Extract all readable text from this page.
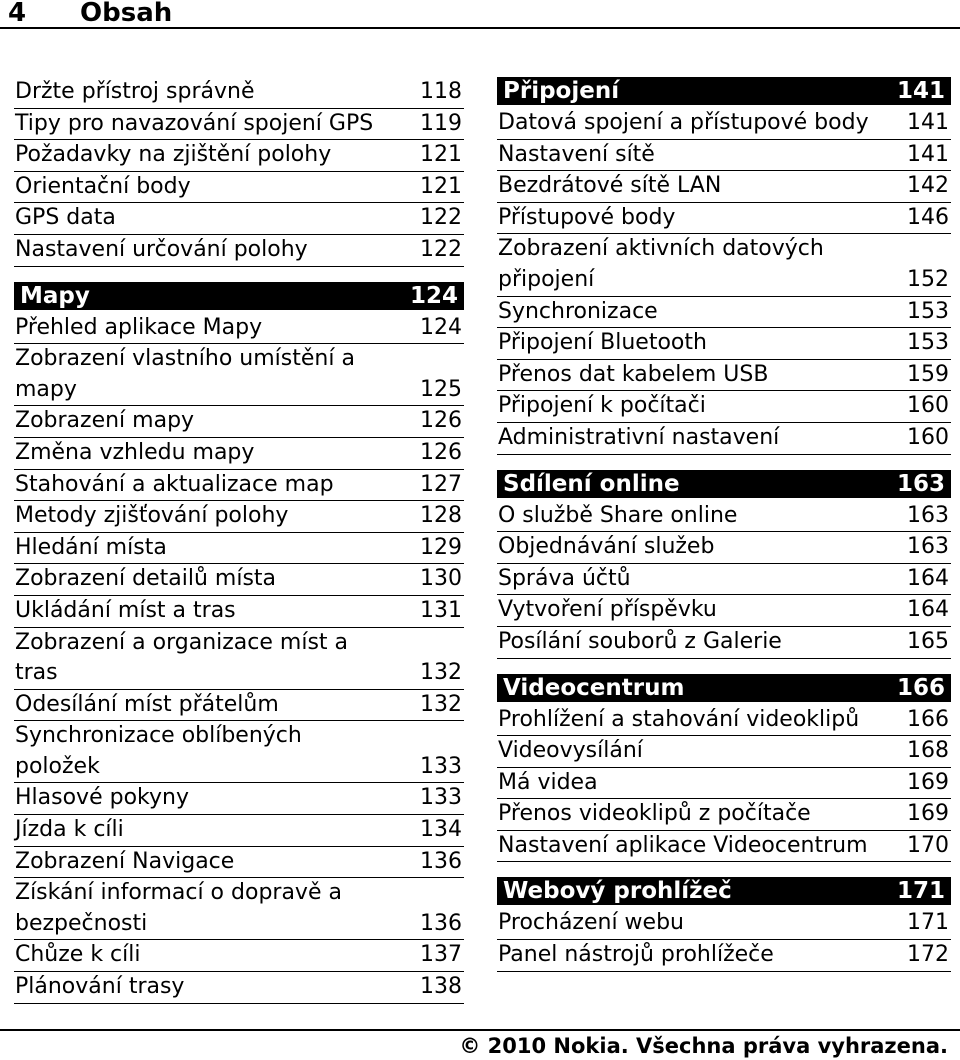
4 Obsah
Držte přístroj správně	118
Tipy pro navazování spojení GPS	119
Požadavky na zjištění polohy	121
Orientační body	121
GPS data	122
Nastavení určování polohy	122
Mapy	124
Přehled aplikace Mapy	124
Zobrazení vlastního umístění a
mapy	125
Zobrazení mapy	126
Změna vzhledu mapy	126
Stahování a aktualizace map	127
Metody zjišťování polohy	128
Hledání místa	129
Zobrazení detailů místa	130
Ukládání míst a tras	131
Zobrazení a organizace míst a
tras	132
Odesílání míst přátelům	132
Synchronizace oblíbených
položek	133
Hlasové pokyny	133
Jízda k cíli	134
Zobrazení Navigace	136
Získání informací o dopravě a
bezpečnosti	136
Chůze k cíli	137
Plánování trasy	138
Připojení	141
Datová spojení a přístupové body	141
Nastavení sítě	141
Bezdrátové sítě LAN	142
Přístupové body	146
Zobrazení aktivních datových
připojení	152
Synchronizace	153
Připojení Bluetooth	153
Přenos dat kabelem USB	159
Připojení k počítači	160
Administrativní nastavení	160
Sdílení online	163
O službě Share online	163
Objednávání služeb	163
Správa účtů	164
Vytvoření příspěvku	164
Posílání souborů z Galerie	165
Videocentrum	166
Prohlížení a stahování videoklipů	166
Videovysílání	168
Má videa	169
Přenos videoklipů z počítače	169
Nastavení aplikace Videocentrum	170
Webový prohlížeč	171
Procházení webu	171
Panel nástrojů prohlížeče	172
© 2010 Nokia. Všechna práva vyhrazena.
